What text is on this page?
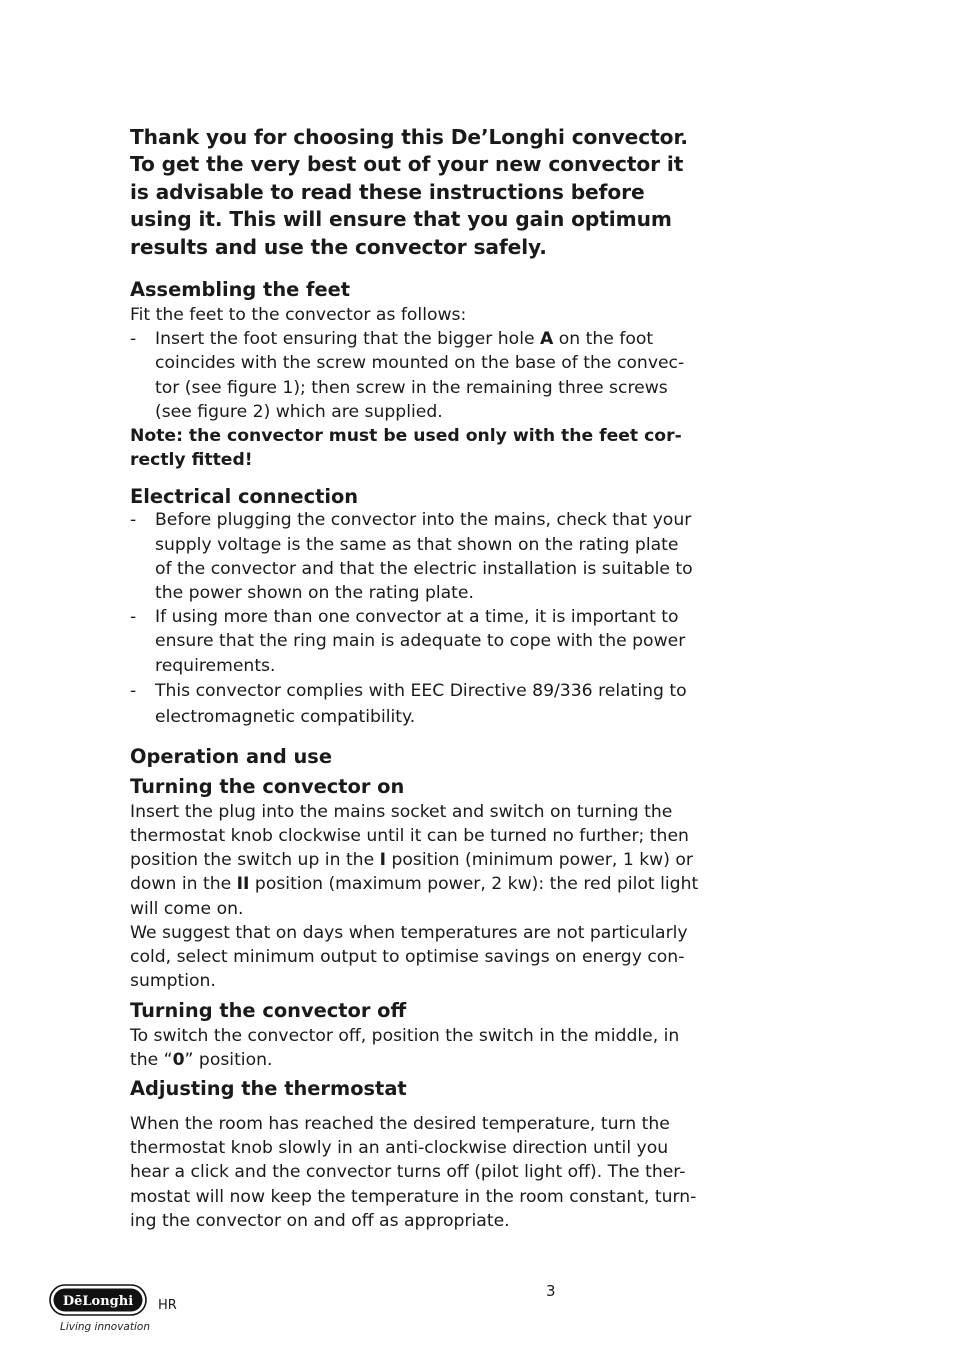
Thank you for choosing this De’Longhi convector. To get the very best out of your new convector it is advisable to read these instructions before using it. This will ensure that you gain optimum results and use the convector safely.

Assembling the feet

Fit the feet to the convector as follows:

- Insert the foot ensuring that the bigger hole A on the foot coincides with the screw mounted on the base of the convec-tor (see figure 1); then screw in the remaining three screws (see figure 2) which are supplied.

Note: the convector must be used only with the feet cor-rectly fitted!

Electrical connection
- Before plugging the convector into the mains, check that your supply voltage is the same as that shown on the rating plate of the convector and that the electric installation is suitable to the power shown on the rating plate.
- If using more than one convector at a time, it is important to ensure that the ring main is adequate to cope with the power requirements.
- This convector complies with EEC Directive 89/336 relating to electromagnetic compatibility.
Operation and use
Turning the convector on

Insert the plug into the mains socket and switch on turning the thermostat knob clockwise until it can be turned no further; then position the switch up in the I position (minimum power, 1 kw) or down in the II position (maximum power, 2 kw): the red pilot light will come on.

We suggest that on days when temperatures are not particularly cold, select minimum output to optimise savings on energy con-sumption.

Turning the convector off

To switch the convector off, position the switch in the middle, in the “0” position.

Adjusting the thermostat

When the room has reached the desired temperature, turn the thermostat knob slowly in an anti-clockwise direction until you hear a click and the convector turns off (pilot light off). The ther-mostat will now keep the temperature in the room constant, turn-ing the convector on and off as appropriate.

DēLonghi
Living innovation
HR
3
